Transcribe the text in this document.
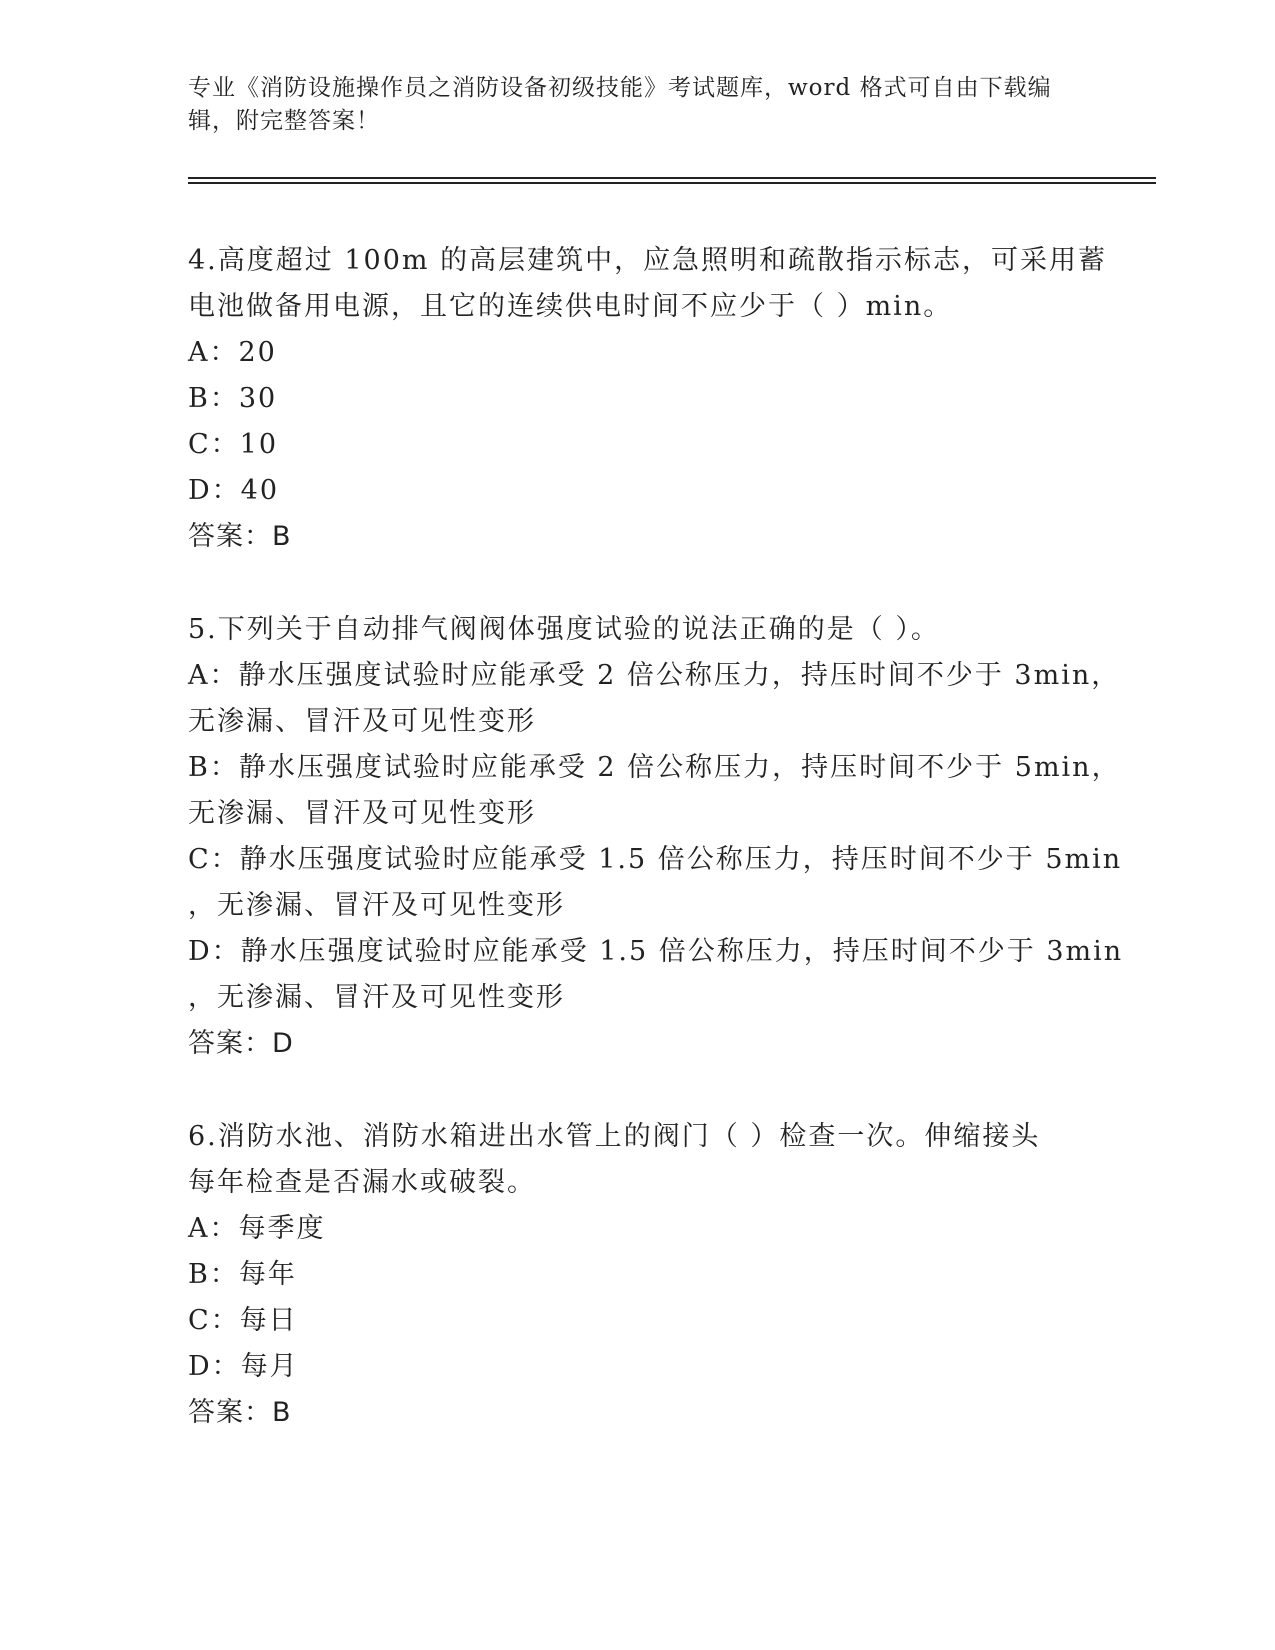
专业《消防设施操作员之消防设备初级技能》考试题库，word 格式可自由下载编
辑，附完整答案！
4.高度超过 100m 的高层建筑中，应急照明和疏散指示标志，可采用蓄
电池做备用电源，且它的连续供电时间不应少于（ ）min。
A：20
B：30
C：10
D：40
答案：B
5.下列关于自动排气阀阀体强度试验的说法正确的是（ ）。
A：静水压强度试验时应能承受 2 倍公称压力，持压时间不少于 3min，
无渗漏、冒汗及可见性变形
B：静水压强度试验时应能承受 2 倍公称压力，持压时间不少于 5min，
无渗漏、冒汗及可见性变形
C：静水压强度试验时应能承受 1.5 倍公称压力，持压时间不少于 5min
，无渗漏、冒汗及可见性变形
D：静水压强度试验时应能承受 1.5 倍公称压力，持压时间不少于 3min
，无渗漏、冒汗及可见性变形
答案：D
6.消防水池、消防水箱进出水管上的阀门（ ）检查一次。伸缩接头
每年检查是否漏水或破裂。
A：每季度
B：每年
C：每日
D：每月
答案：B
